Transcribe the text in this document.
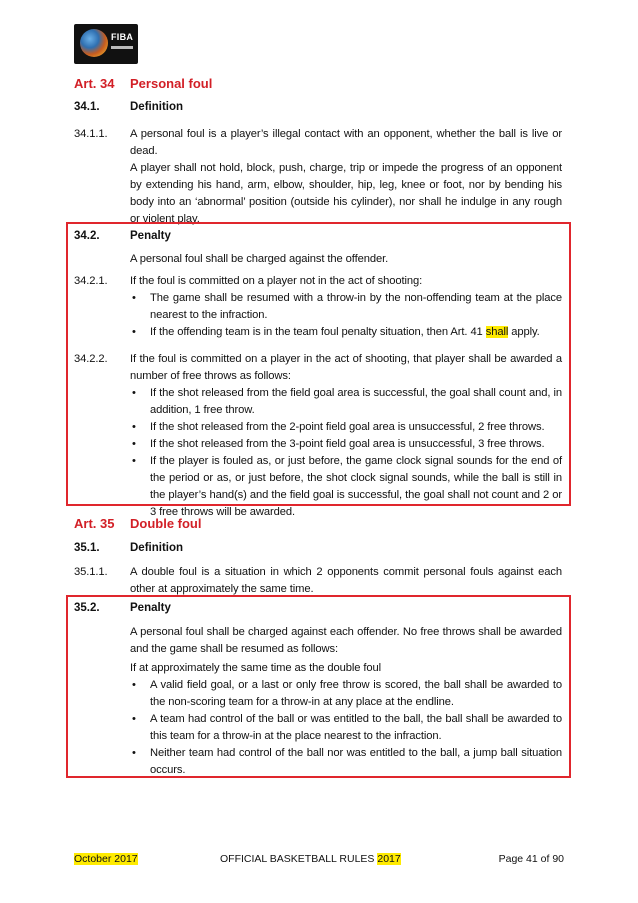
FIBA
Art. 34 Personal foul
34.1.	Definition
34.1.1. A personal foul is a player’s illegal contact with an opponent, whether the ball is live or dead.
A player shall not hold, block, push, charge, trip or impede the progress of an opponent by extending his hand, arm, elbow, shoulder, hip, leg, knee or foot, nor by bending his body into an ‘abnormal’ position (outside his cylinder), nor shall he indulge in any rough or violent play.
34.2.	Penalty
A personal foul shall be charged against the offender.
34.2.1. If the foul is committed on a player not in the act of shooting:
• The game shall be resumed with a throw-in by the non-offending team at the place nearest to the infraction.
• If the offending team is in the team foul penalty situation, then Art. 41 shall apply.
34.2.2. If the foul is committed on a player in the act of shooting, that player shall be awarded a number of free throws as follows:
• If the shot released from the field goal area is successful, the goal shall count and, in addition, 1 free throw.
• If the shot released from the 2-point field goal area is unsuccessful, 2 free throws.
• If the shot released from the 3-point field goal area is unsuccessful, 3 free throws.
• If the player is fouled as, or just before, the game clock signal sounds for the end of the period or as, or just before, the shot clock signal sounds, while the ball is still in the player’s hand(s) and the field goal is successful, the goal shall not count and 2 or 3 free throws will be awarded.
Art. 35 Double foul
35.1.	Definition
35.1.1. A double foul is a situation in which 2 opponents commit personal fouls against each other at approximately the same time.
35.2.	Penalty
A personal foul shall be charged against each offender. No free throws shall be awarded and the game shall be resumed as follows:
If at approximately the same time as the double foul
• A valid field goal, or a last or only free throw is scored, the ball shall be awarded to the non-scoring team for a throw-in at any place at the endline.
• A team had control of the ball or was entitled to the ball, the ball shall be awarded to this team for a throw-in at the place nearest to the infraction.
• Neither team had control of the ball nor was entitled to the ball, a jump ball situation occurs.
October 2017	OFFICIAL BASKETBALL RULES 2017	Page 41 of 90
